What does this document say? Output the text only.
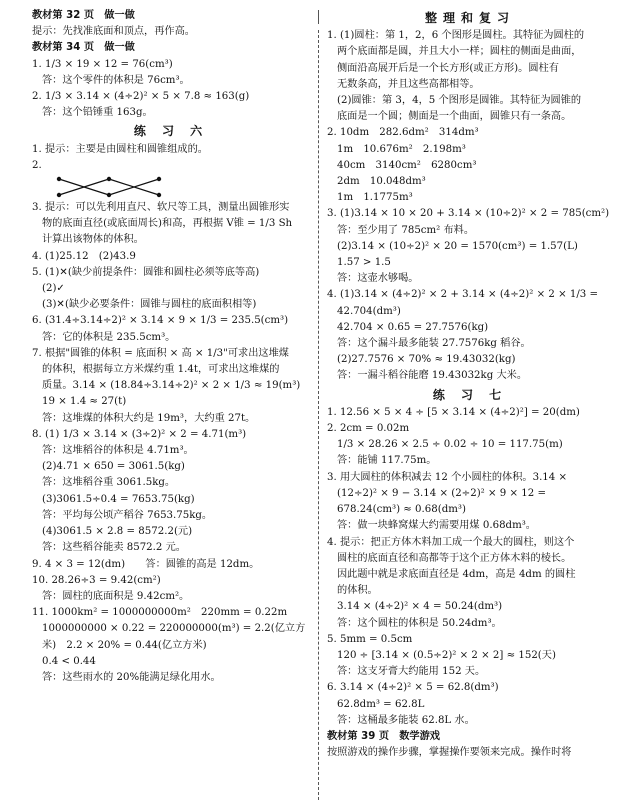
教材第 32 页　做一做
提示：先找准底面和顶点，再作高。
教材第 34 页　做一做
1. 1/3 × 19 × 12 = 76(cm³)
答：这个零件的体积是 76cm³。
2. 1/3 × 3.14 × (4÷2)² × 5 × 7.8 ≈ 163(g)
答：这个铅锤重 163g。
练 习 六
1. 提示：主要是由圆柱和圆锥组成的。
2.
3. 提示：可以先利用直尺、软尺等工具，测量出圆锥形实
物的底面直径(或底面周长)和高，再根据 V锥 = 1/3 Sh
计算出该物体的体积。
4. (1)25.12　(2)43.9
5. (1)✕(缺少前提条件：圆锥和圆柱必须等底等高)
(2)✓
(3)✕(缺少必要条件：圆锥与圆柱的底面积相等)
6. (31.4÷3.14÷2)² × 3.14 × 9 × 1/3 = 235.5(cm³)
答：它的体积是 235.5cm³。
7. 根据"圆锥的体积 = 底面积 × 高 × 1/3"可求出这堆煤
的体积，根据每立方米煤约重 1.4t，可求出这堆煤的
质量。3.14 × (18.84÷3.14÷2)² × 2 × 1/3 ≈ 19(m³)
19 × 1.4 ≈ 27(t)
答：这堆煤的体积大约是 19m³，大约重 27t。
8. (1) 1/3 × 3.14 × (3÷2)² × 2 = 4.71(m³)
答：这堆稻谷的体积是 4.71m³。
(2)4.71 × 650 = 3061.5(kg)
答：这堆稻谷重 3061.5kg。
(3)3061.5÷0.4 = 7653.75(kg)
答：平均每公顷产稻谷 7653.75kg。
(4)3061.5 × 2.8 = 8572.2(元)
答：这些稻谷能卖 8572.2 元。
9. 4 × 3 = 12(dm)　　答：圆锥的高是 12dm。
10. 28.26÷3 = 9.42(cm²)
答：圆柱的底面积是 9.42cm²。
11. 1000km² = 1000000000m²　220mm = 0.22m
1000000000 × 0.22 = 220000000(m³) = 2.2(亿立方
米)　2.2 × 20% = 0.44(亿立方米)
0.4 < 0.44
答：这些雨水的 20%能满足绿化用水。
整理和复习
1. (1)圆柱：第 1，2，6 个图形是圆柱。其特征为圆柱的
两个底面都是圆，并且大小一样；圆柱的侧面是曲面，
侧面沿高展开后是一个长方形(或正方形)。圆柱有
无数条高，并且这些高都相等。
(2)圆锥：第 3，4，5 个图形是圆锥。其特征为圆锥的
底面是一个圆；侧面是一个曲面，圆锥只有一条高。
2. 10dm　282.6dm²　314dm³
1m　10.676m²　2.198m³
40cm　3140cm²　6280cm³
2dm　10.048dm³
1m　1.1775m³
3. (1)3.14 × 10 × 20 + 3.14 × (10÷2)² × 2 = 785(cm²)
答：至少用了 785cm² 布料。
(2)3.14 × (10÷2)² × 20 = 1570(cm³) = 1.57(L)
1.57 > 1.5
答：这壶水够喝。
4. (1)3.14 × (4÷2)² × 2 + 3.14 × (4÷2)² × 2 × 1/3 =
42.704(dm³)
42.704 × 0.65 = 27.7576(kg)
答：这个漏斗最多能装 27.7576kg 稻谷。
(2)27.7576 × 70% ≈ 19.43032(kg)
答：一漏斗稻谷能磨 19.43032kg 大米。
练 习 七
1. 12.56 × 5 × 4 ÷ [5 × 3.14 × (4÷2)²] = 20(dm)
2. 2cm = 0.02m
1/3 × 28.26 × 2.5 ÷ 0.02 ÷ 10 = 117.75(m)
答：能铺 117.75m。
3. 用大圆柱的体积减去 12 个小圆柱的体积。3.14 ×
(12÷2)² × 9 − 3.14 × (2÷2)² × 9 × 12 =
678.24(cm³) ≈ 0.68(dm³)
答：做一块蜂窝煤大约需要用煤 0.68dm³。
4. 提示：把正方体木料加工成一个最大的圆柱，则这个
圆柱的底面直径和高都等于这个正方体木料的棱长。
因此题中就是求底面直径是 4dm，高是 4dm 的圆柱
的体积。
3.14 × (4÷2)² × 4 = 50.24(dm³)
答：这个圆柱的体积是 50.24dm³。
5. 5mm = 0.5cm
120 ÷ [3.14 × (0.5÷2)² × 2 × 2] ≈ 152(天)
答：这支牙膏大约能用 152 天。
6. 3.14 × (4÷2)² × 5 = 62.8(dm³)
62.8dm³ = 62.8L
答：这桶最多能装 62.8L 水。
教材第 39 页　数学游戏
按照游戏的操作步骤，掌握操作要领来完成。操作时将
